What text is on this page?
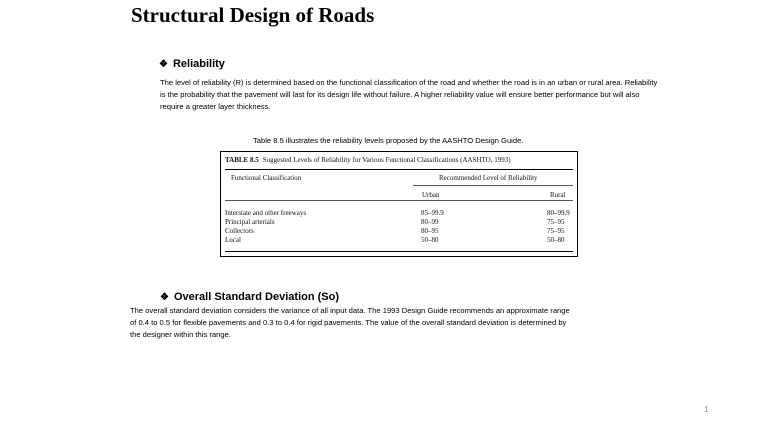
Structural Design of Roads
❖ Reliability
The level of reliability (R) is determined based on the functional classification of the road and whether the road is in an urban or rural area. Reliability is the probability that the pavement will last for its design life without failure. A higher reliability value will ensure better performance but will also require a greater layer thickness.
Table 8.5 illustrates the reliability levels proposed by the AASHTO Design Guide.
TABLE 8.5 Suggested Levels of Reliability for Various Functional Classifications (AASHTO, 1993)
Functional Classification	Recommended Level of Reliability
Urban	Rural
Interstate and other freeways	85–99.9	80–99.9
Principal arterials	80–99	75–95
Collectors	80–95	75–95
Local	50–80	50–80
❖ Overall Standard Deviation (So)
The overall standard deviation considers the variance of all input data. The 1993 Design Guide recommends an approximate range of 0.4 to 0.5 for flexible pavements and 0.3 to 0.4 for rigid pavements. The value of the overall standard deviation is determined by the designer within this range.
1
